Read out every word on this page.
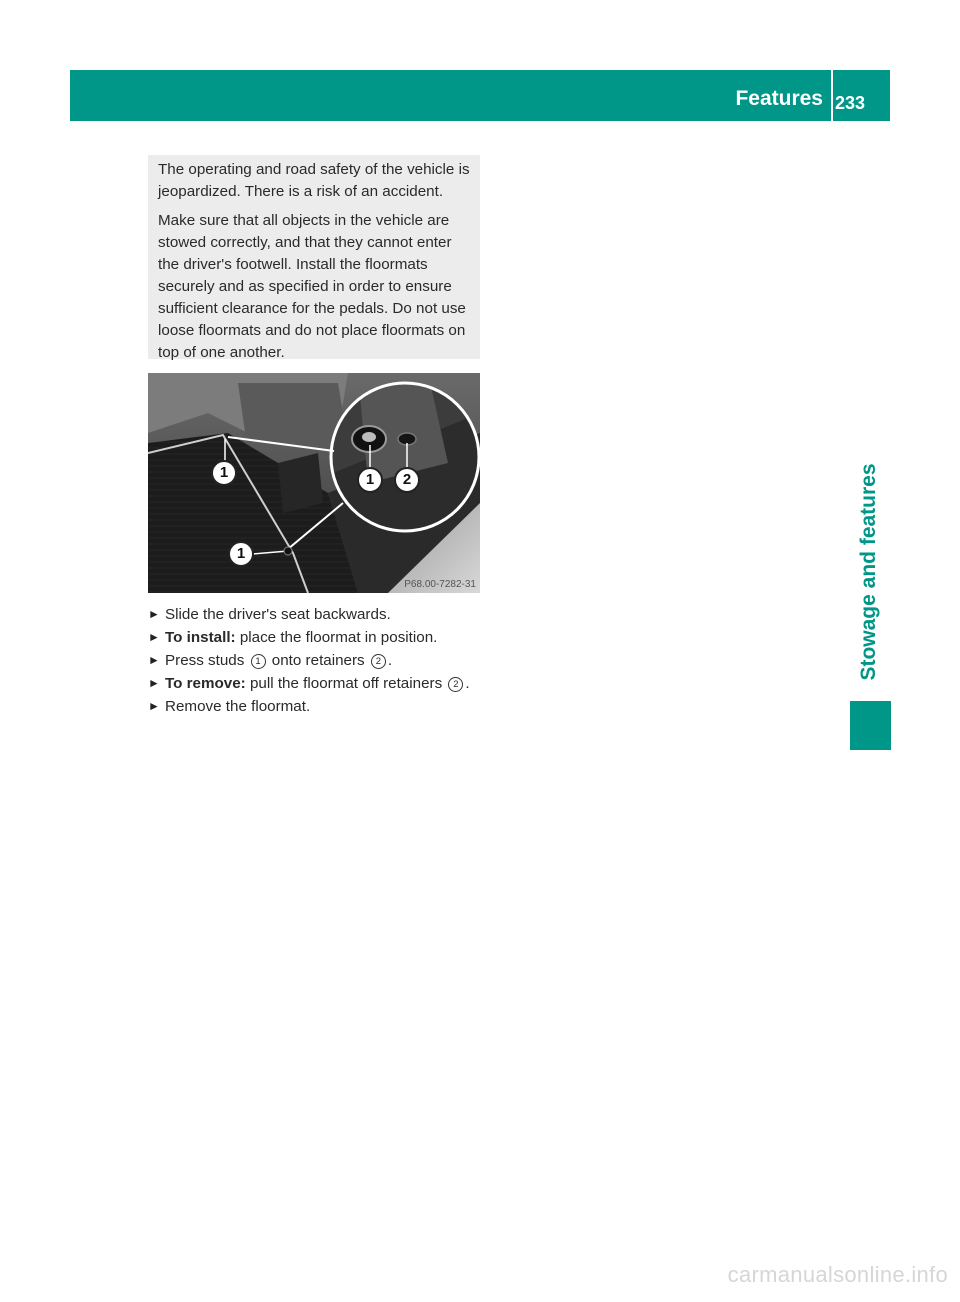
Features 233

The operating and road safety of the vehicle is jeopardized. There is a risk of an accident.

Make sure that all objects in the vehicle are stowed correctly, and that they cannot enter the driver's footwell. Install the floormats securely and as specified in order to ensure sufficient clearance for the pedals. Do not use loose floormats and do not place floormats on top of one another.

1	1
1
2
P68.00-7282-31
► Slide the driver's seat backwards.
► To install: place the floormat in position.
► Press studs 1 onto retainers 2 .
► To remove: pull the floormat off retainers 2 .
► Remove the floormat.
Stowage and features
carmanualsonline.info
